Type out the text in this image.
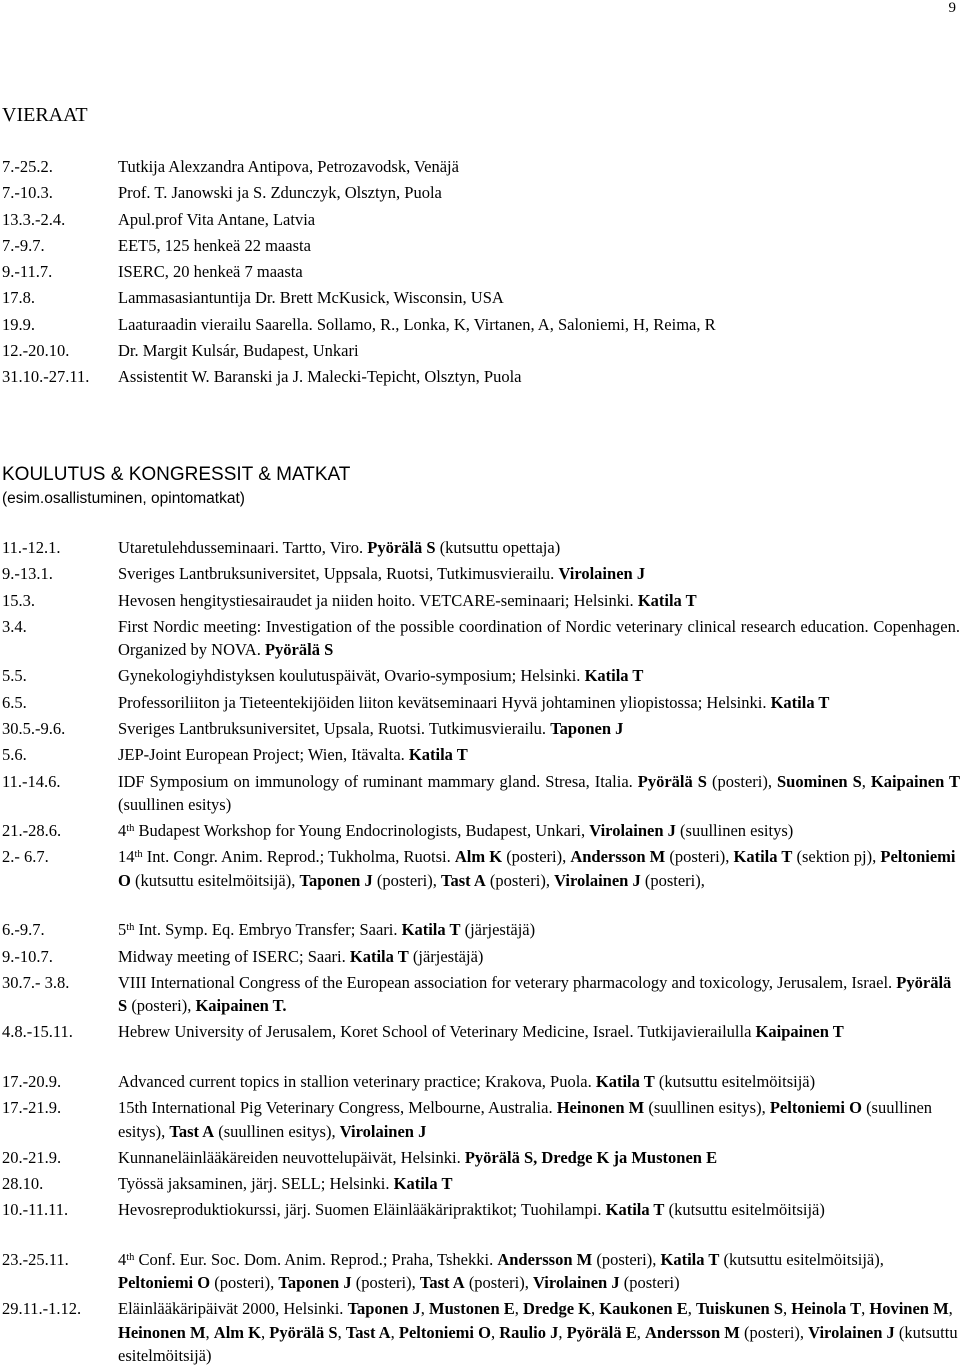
9
VIERAAT
7.-25.2.	Tutkija Alexzandra Antipova, Petrozavodsk, Venäjä
7.-10.3.	Prof. T. Janowski ja S. Zdunczyk, Olsztyn, Puola
13.3.-2.4.	Apul.prof Vita Antane, Latvia
7.-9.7.	EET5, 125 henkeä 22 maasta
9.-11.7.	ISERC, 20 henkeä 7 maasta
17.8.	Lammasasiantuntija Dr. Brett McKusick, Wisconsin, USA
19.9.	Laaturaadin vierailu Saarella. Sollamo, R., Lonka, K, Virtanen, A, Saloniemi, H, Reima, R
12.-20.10.	Dr. Margit Kulsár, Budapest, Unkari
31.10.-27.11. Assistentit W. Baranski ja J. Malecki-Tepicht, Olsztyn, Puola
KOULUTUS & KONGRESSIT & MATKAT
(esim.osallistuminen, opintomatkat)
11.-12.1.	Utaretulehdusseminaari. Tartto, Viro. Pyörälä S (kutsuttu opettaja)
9.-13.1.	Sveriges Lantbruksuniversitet, Uppsala, Ruotsi, Tutkimusvierailu. Virolainen J
15.3.	Hevosen hengitystiesairaudet ja niiden hoito. VETCARE-seminaari; Helsinki. Katila T
3.4.	First Nordic meeting: Investigation of the possible coordination of Nordic veterinary clinical research education. Copenhagen. Organized by NOVA. Pyörälä S
5.5.	Gynekologiyhdistyksen koulutuspäivät, Ovario-symposium; Helsinki. Katila T
6.5.	Professoriliiton ja Tieteentekijöiden liiton kevätseminaari Hyvä johtaminen yliopistossa; Helsinki. Katila T
30.5.-9.6.	Sveriges Lantbruksuniversitet, Upsala, Ruotsi. Tutkimusvierailu. Taponen J
5.6.	JEP-Joint European Project; Wien, Itävalta. Katila T
11.-14.6.	IDF Symposium on immunology of ruminant mammary gland. Stresa, Italia. Pyörälä S (posteri), Suominen S, Kaipainen T (suullinen esitys)
21.-28.6.	4th Budapest Workshop for Young Endocrinologists, Budapest, Unkari, Virolainen J (suullinen esitys)
2.- 6.7.	14th Int. Congr. Anim. Reprod.; Tukholma, Ruotsi. Alm K (posteri), Andersson M (posteri), Katila T (sektion pj), Peltoniemi O (kutsuttu esitelmöitsijä), Taponen J (posteri), Tast A (posteri), Virolainen J (posteri),
6.-9.7.	5th Int. Symp. Eq. Embryo Transfer; Saari. Katila T (järjestäjä)
9.-10.7.	Midway meeting of ISERC; Saari. Katila T (järjestäjä)
30.7.- 3.8.	VIII International Congress of the European association for veterary pharmacology and toxicology, Jerusalem, Israel. Pyörälä S (posteri), Kaipainen T.
4.8.-15.11.	Hebrew University of Jerusalem, Koret School of Veterinary Medicine, Israel. Tutkijavierailulla Kaipainen T
17.-20.9.	Advanced current topics in stallion veterinary practice; Krakova, Puola. Katila T (kutsuttu esitelmöitsijä)
17.-21.9.	15th International Pig Veterinary Congress, Melbourne, Australia. Heinonen M (suullinen esitys), Peltoniemi O (suullinen esitys), Tast A (suullinen esitys), Virolainen J
20.-21.9.	Kunnaneläinlääkäreiden neuvottelupäivät, Helsinki. Pyörälä S, Dredge K ja Mustonen E
28.10.	Työssä jaksaminen, järj. SELL; Helsinki. Katila T
10.-11.11.	Hevosreproduktiokurssi, järj. Suomen Eläinlääkäripraktikot; Tuohilampi. Katila T (kutsuttu esitelmöitsijä)
23.-25.11.	4th Conf. Eur. Soc. Dom. Anim. Reprod.; Praha, Tshekki. Andersson M (posteri), Katila T (kutsuttu esitelmöitsijä), Peltoniemi O (posteri), Taponen J (posteri), Tast A (posteri), Virolainen J (posteri)
29.11.-1.12. Eläinlääkäripäivät 2000, Helsinki. Taponen J, Mustonen E, Dredge K, Kaukonen E, Tuiskunen S, Heinola T, Hovinen M, Heinonen M, Alm K, Pyörälä S, Tast A, Peltoniemi O, Raulio J, Pyörälä E, Andersson M (posteri), Virolainen J (kutsuttu esitelmöitsijä)
